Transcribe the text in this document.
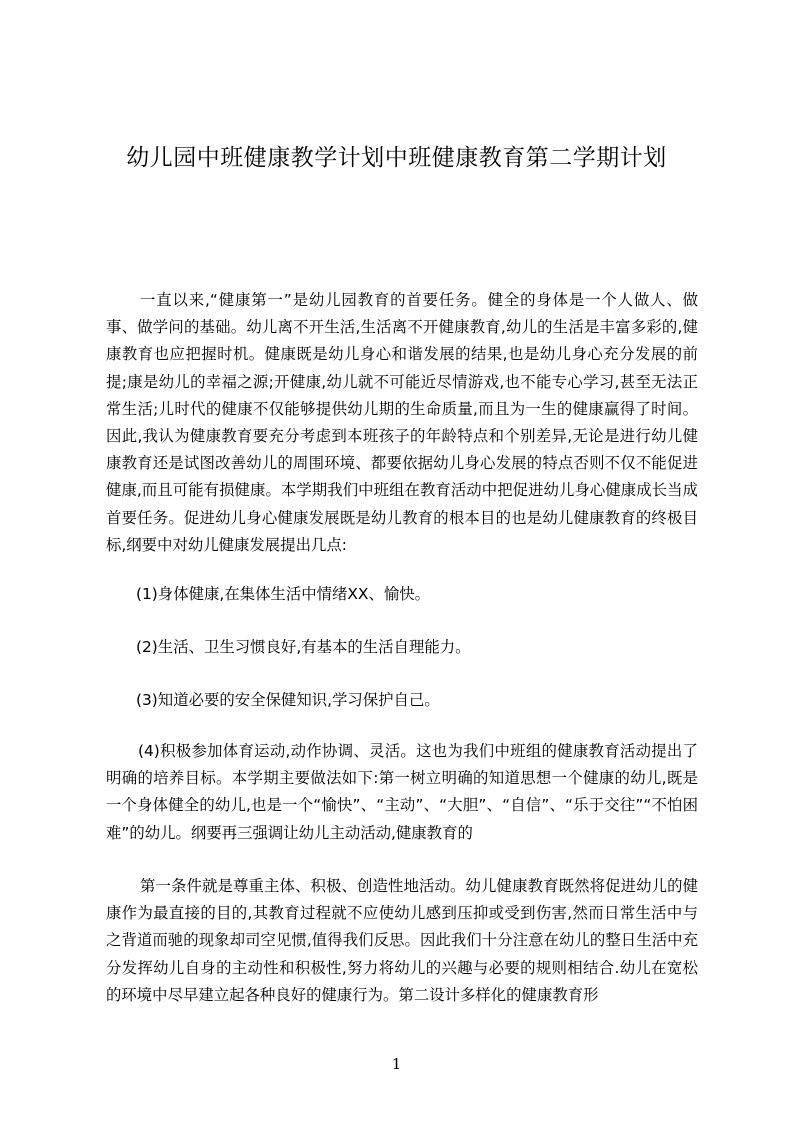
幼儿园中班健康教学计划中班健康教育第二学期计划

一直以来,“健康第一”是幼儿园教育的首要任务。健全的身体是一个人做人、做事、做学问的基础。幼儿离不开生活,生活离不开健康教育,幼儿的生活是丰富多彩的,健康教育也应把握时机。健康既是幼儿身心和谐发展的结果,也是幼儿身心充分发展的前提;康是幼儿的幸福之源;开健康,幼儿就不可能近尽情游戏,也不能专心学习,甚至无法正常生活;儿时代的健康不仅能够提供幼儿期的生命质量,而且为一生的健康赢得了时间。因此,我认为健康教育要充分考虑到本班孩子的年龄特点和个别差异,无论是进行幼儿健康教育还是试图改善幼儿的周围环境、都要依据幼儿身心发展的特点否则不仅不能促进健康,而且可能有损健康。本学期我们中班组在教育活动中把促进幼儿身心健康成长当成首要任务。促进幼儿身心健康发展既是幼儿教育的根本目的也是幼儿健康教育的终极目标,纲要中对幼儿健康发展提出几点:

(1)身体健康,在集体生活中情绪XX、愉快。

(2)生活、卫生习惯良好,有基本的生活自理能力。

(3)知道必要的安全保健知识,学习保护自己。

(4)积极参加体育运动,动作协调、灵活。这也为我们中班组的健康教育活动提出了明确的培养目标。本学期主要做法如下:第一树立明确的知道思想一个健康的幼儿,既是一个身体健全的幼儿,也是一个“愉快”、“主动”、“大胆”、“自信”、“乐于交往”“不怕困难”的幼儿。纲要再三强调让幼儿主动活动,健康教育的

第一条件就是尊重主体、积极、创造性地活动。幼儿健康教育既然将促进幼儿的健康作为最直接的目的,其教育过程就不应使幼儿感到压抑或受到伤害,然而日常生活中与之背道而驰的现象却司空见惯,值得我们反思。因此我们十分注意在幼儿的整日生活中充分发挥幼儿自身的主动性和积极性,努力将幼儿的兴趣与必要的规则相结合.幼儿在宽松的环境中尽早建立起各种良好的健康行为。第二设计多样化的健康教育形

1
